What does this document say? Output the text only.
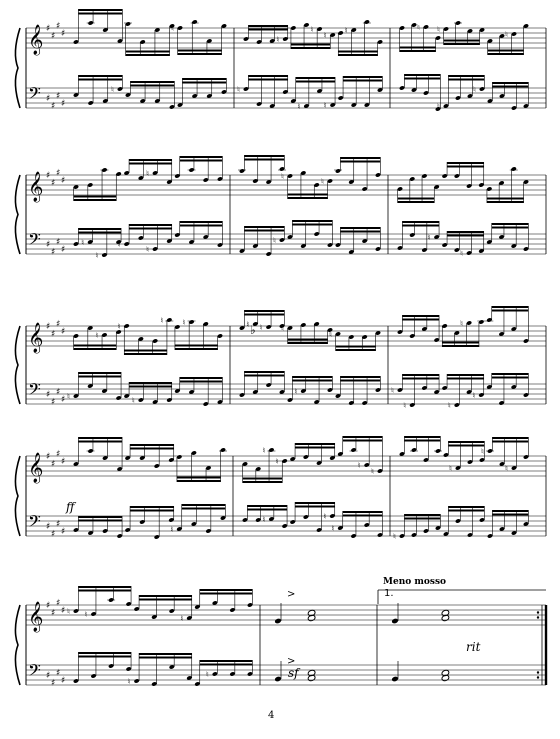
𝄞 ♯
♯
♯
♯
𝄢 ♯
♯
♯
♯
♮
♮
♮
♮
♮
♮
♮
♮	♮
♮ ♮
♮
♮
♮
𝄞 ♯
♯
♯
♯
𝄢 ♯
♯
♯
♯
♮
♮
♮
♮
♮
♮
♮
♮	♮
♮
𝄞 ♯
♯
♯
♯
𝄢 ♯
♯
♯
♯
♮
♮
♮ ♮
♮	♮
♮ ♮ ♮
♮
♮
♮
♮
♮	♮
♮
𝄞 ♯
♯
♯
♯
𝄢 ♯
♯
♯
♯	♮
♮
♮	♮
♮
♮	♮
♮
♮
♮
♮
♮
𝄞 ♯
♯
♯
♯
𝄢 ♯
♯
♯
♯
♮ ♮	♮
♮
♮
>
>
♭
ff
sf
rit
Meno mosso
1.
4
